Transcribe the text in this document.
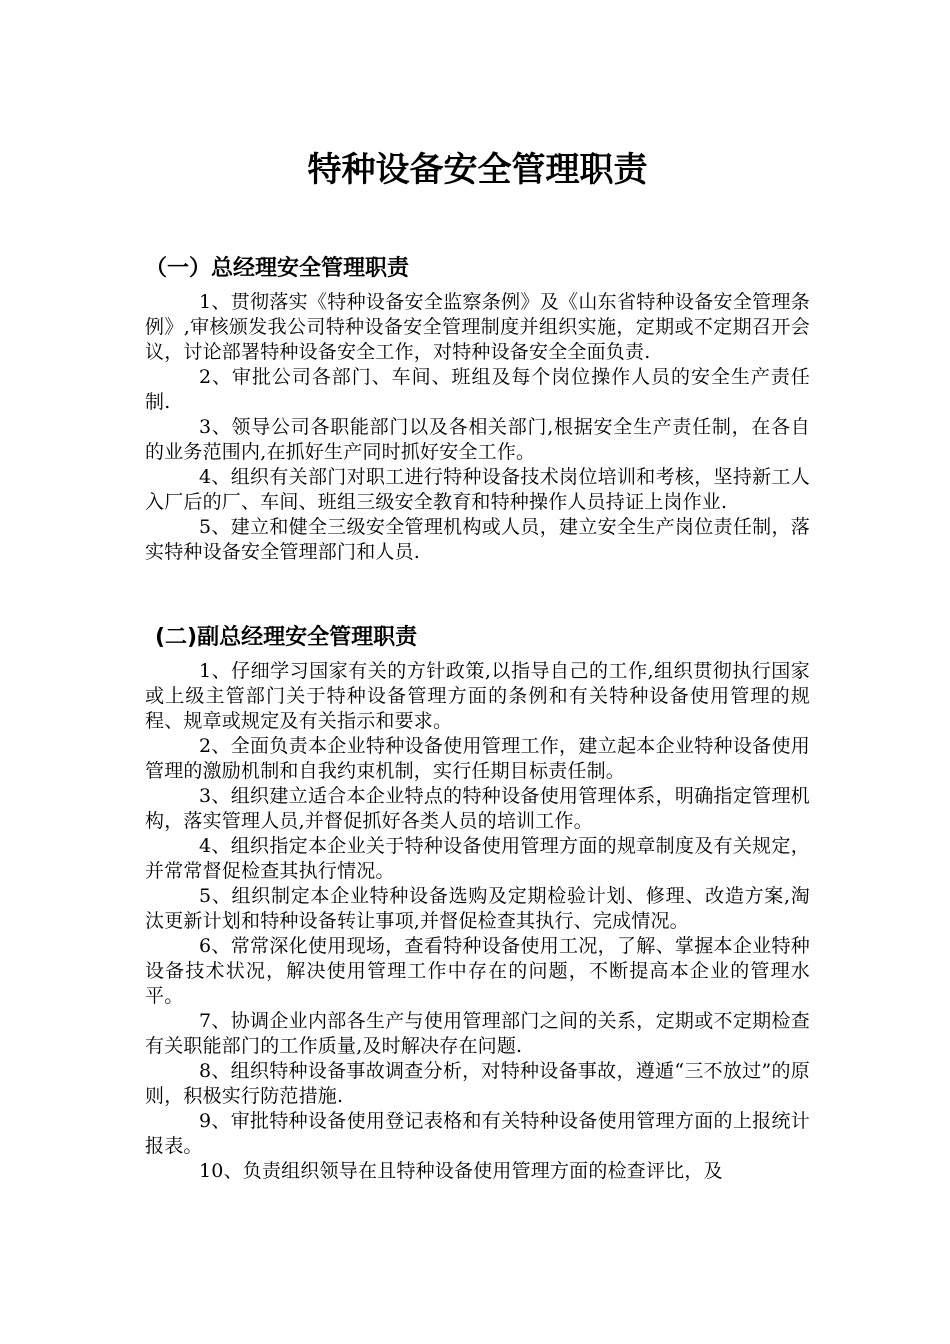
特种设备安全管理职责
（一）总经理安全管理职责

1、贯彻落实《特种设备安全监察条例》及《山东省特种设备安全管理条例》,审核颁发我公司特种设备安全管理制度并组织实施，定期或不定期召开会议，讨论部署特种设备安全工作，对特种设备安全全面负责.

2、审批公司各部门、车间、班组及每个岗位操作人员的安全生产责任制.

3、领导公司各职能部门以及各相关部门,根据安全生产责任制，在各自的业务范围内,在抓好生产同时抓好安全工作。

4、组织有关部门对职工进行特种设备技术岗位培训和考核，坚持新工人入厂后的厂、车间、班组三级安全教育和特种操作人员持证上岗作业.

5、建立和健全三级安全管理机构或人员，建立安全生产岗位责任制，落实特种设备安全管理部门和人员.

(二)副总经理安全管理职责

1、仔细学习国家有关的方针政策,以指导自己的工作,组织贯彻执行国家或上级主管部门关于特种设备管理方面的条例和有关特种设备使用管理的规程、规章或规定及有关指示和要求。

2、全面负责本企业特种设备使用管理工作，建立起本企业特种设备使用管理的激励机制和自我约束机制，实行任期目标责任制。

3、组织建立适合本企业特点的特种设备使用管理体系，明确指定管理机构，落实管理人员,并督促抓好各类人员的培训工作。

4、组织指定本企业关于特种设备使用管理方面的规章制度及有关规定，并常常督促检查其执行情况。

5、组织制定本企业特种设备选购及定期检验计划、修理、改造方案,淘汰更新计划和特种设备转让事项,并督促检查其执行、完成情况。

6、常常深化使用现场，查看特种设备使用工况，了解、掌握本企业特种设备技术状况，解决使用管理工作中存在的问题，不断提高本企业的管理水平。

7、协调企业内部各生产与使用管理部门之间的关系，定期或不定期检查有关职能部门的工作质量,及时解决存在问题.

8、组织特种设备事故调查分析，对特种设备事故，遵遁“三不放过”的原则，积极实行防范措施.

9、审批特种设备使用登记表格和有关特种设备使用管理方面的上报统计报表。

10、负责组织领导在且特种设备使用管理方面的检查评比，及
